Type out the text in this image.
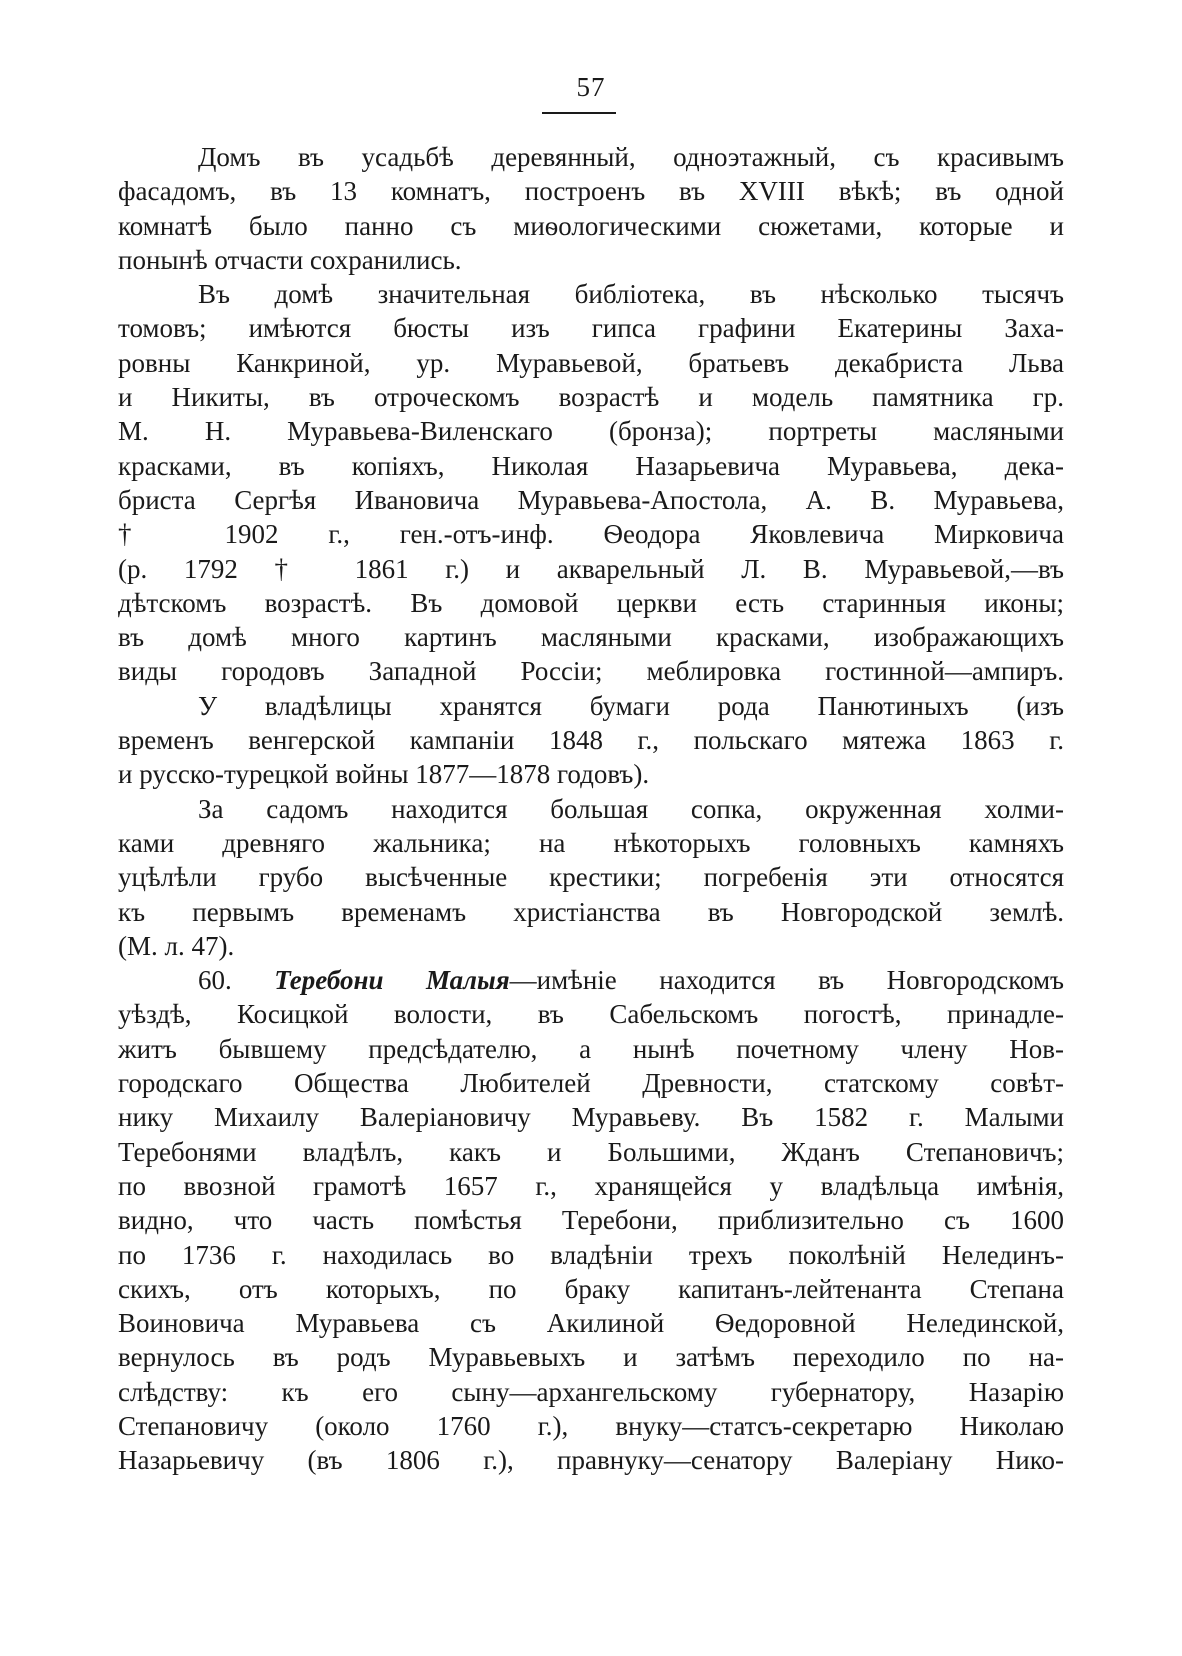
57
Домъ въ усадьбѣ деревянный, одноэтажный, съ красивымъ
фасадомъ, въ 13 комнатъ, построенъ въ XVIII вѣкѣ; въ одной
комнатѣ было панно съ миѳологическими сюжетами, которые и
понынѣ отчасти сохранились.
Въ домѣ значительная библіотека, въ нѣсколько тысячъ
томовъ; имѣются бюсты изъ гипса графини Екатерины Заха-
ровны Канкриной, ур. Муравьевой, братьевъ декабриста Льва
и Никиты, въ отроческомъ возрастѣ и модель памятника гр.
М. Н. Муравьева-Виленскаго (бронза); портреты масляными
красками, въ копіяхъ, Николая Назарьевича Муравьева, дека-
бриста Сергѣя Ивановича Муравьева-Апостола, А. В. Муравьева,
† 1902 г., ген.-отъ-инф. Ѳеодора Яковлевича Мирковича
(р. 1792 † 1861 г.) и акварельный Л. В. Муравьевой,—въ
дѣтскомъ возрастѣ. Въ домовой церкви есть старинныя иконы;
въ домѣ много картинъ масляными красками, изображающихъ
виды городовъ Западной Россіи; меблировка гостинной—ампиръ.
У владѣлицы хранятся бумаги рода Панютиныхъ (изъ
временъ венгерской кампаніи 1848 г., польскаго мятежа 1863 г.
и русско-турецкой войны 1877—1878 годовъ).
За садомъ находится большая сопка, окруженная холми-
ками древняго жальника; на нѣкоторыхъ головныхъ камняхъ
уцѣлѣли грубо высѣченные крестики; погребенія эти относятся
къ первымъ временамъ христіанства въ Новгородской землѣ.
(М. л. 47).
60. Теребони Малыя—имѣніе находится въ Новгородскомъ
уѣздѣ, Косицкой волости, въ Сабельскомъ погостѣ, принадле-
житъ бывшему предсѣдателю, а нынѣ почетному члену Нов-
городскаго Общества Любителей Древности, статскому совѣт-
нику Михаилу Валеріановичу Муравьеву. Въ 1582 г. Малыми
Теребонями владѣлъ, какъ и Большими, Жданъ Степановичъ;
по ввозной грамотѣ 1657 г., хранящейся у владѣльца имѣнія,
видно, что часть помѣстья Теребони, приблизительно съ 1600
по 1736 г. находилась во владѣніи трехъ поколѣній Нелединъ-
скихъ, отъ которыхъ, по браку капитанъ-лейтенанта Степана
Воиновича Муравьева съ Акилиной Ѳедоровной Нелединской,
вернулось въ родъ Муравьевыхъ и затѣмъ переходило по на-
слѣдству: къ его сыну—архангельскому губернатору, Назарію
Степановичу (около 1760 г.), внуку—статсъ-секретарю Николаю
Назарьевичу (въ 1806 г.), правнуку—сенатору Валеріану Нико-
